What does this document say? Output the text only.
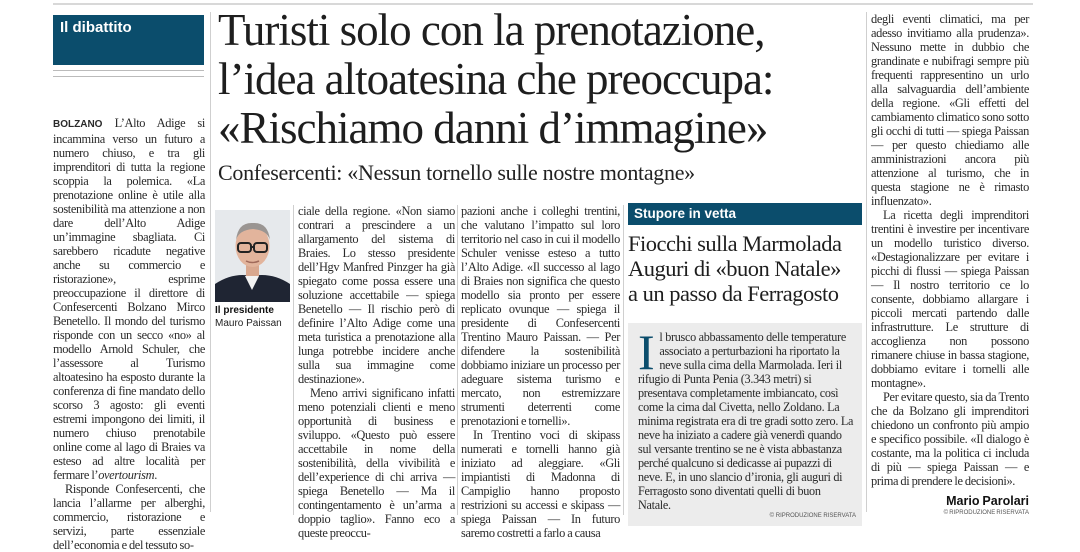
Il dibattito	Turisti solo con la prenotazione,
l’idea altoatesina che preoccupa:
«Rischiamo danni d’immagine»
Confesercenti: «Nessun tornello sulle nostre montagne»

BOLZANO L’Alto Adige si incammina verso un futuro a numero chiuso, e tra gli imprenditori di tutta la regione scoppia la polemica. «La prenotazione online è utile alla sostenibilità ma attenzione a non dare dell’Alto Adige un’immagine sbagliata. Ci sarebbero ricadute negative anche su commercio e ristorazione», esprime preoccupazione il direttore di Confesercenti Bolzano Mirco Benetello. Il mondo del turismo risponde con un secco «no» al modello Arnold Schuler, che l’assessore al Turismo altoatesino ha esposto durante la conferenza di fine mandato dello scorso 3 agosto: gli eventi estremi impongono dei limiti, il numero chiuso prenotabile online come al lago di Braies va esteso ad altre località per fermare l’overtourism.

Risponde Confesercenti, che lancia l’allarme per alberghi, commercio, ristorazione e servizi, parte essenziale dell’economia e del tessuto so-

Il presidente
Mauro Paissan

ciale della regione. «Non siamo contrari a prescindere a un allargamento del sistema di Braies. Lo stesso presidente dell’Hgv Manfred Pinzger ha già spiegato come possa essere una soluzione accettabile — spiega Benetello — Il rischio però di definire l’Alto Adige come una meta turistica a prenotazione alla lunga potrebbe incidere anche sulla sua immagine come destinazione».

Meno arrivi significano infatti meno potenziali clienti e meno opportunità di business e sviluppo. «Questo può essere accettabile in nome della sostenibilità, della vivibilità e dell’experience di chi arriva — spiega Benetello — Ma il contingentamento è un’arma a doppio taglio». Fanno eco a queste preoccu-

pazioni anche i colleghi trentini, che valutano l’impatto sul loro territorio nel caso in cui il modello Schuler venisse esteso a tutto l’Alto Adige. «Il successo al lago di Braies non significa che questo modello sia pronto per essere replicato ovunque — spiega il presidente di Confesercenti Trentino Mauro Paissan. — Per difendere la sostenibilità dobbiamo iniziare un processo per adeguare sistema turismo e mercato, non estremizzare strumenti deterrenti come prenotazioni e tornelli».

In Trentino voci di skipass numerati e tornelli hanno già iniziato ad aleggiare. «Gli impiantisti di Madonna di Campiglio hanno proposto restrizioni su accessi e skipass — spiega Paissan — In futuro saremo costretti a farlo a causa

Stupore in vetta
Fiocchi sulla Marmolada
Auguri di «buon Natale»
a un passo da Ferragosto
Il brusco abbassamento delle temperature associato a perturbazioni ha riportato la neve sulla cima della Marmolada. Ieri il rifugio di Punta Penia (3.343 metri) si presentava completamente imbiancato, così come la cima dal Civetta, nello Zoldano. La minima registrata era di tre gradi sotto zero. La neve ha iniziato a cadere già venerdì quando sul versante trentino se ne è vista abbastanza perché qualcuno si dedicasse ai pupazzi di neve. E, in uno slancio d’ironia, gli auguri di Ferragosto sono diventati quelli di buon Natale.
© RIPRODUZIONE RISERVATA

degli eventi climatici, ma per adesso invitiamo alla prudenza». Nessuno mette in dubbio che grandinate e nubifragi sempre più frequenti rappresentino un urlo alla salvaguardia dell’ambiente della regione. «Gli effetti del cambiamento climatico sono sotto gli occhi di tutti — spiega Paissan — per questo chiediamo alle amministrazioni ancora più attenzione al turismo, che in questa stagione ne è rimasto influenzato».

La ricetta degli imprenditori trentini è investire per incentivare un modello turistico diverso. «Destagionalizzare per evitare i picchi di flussi — spiega Paissan — Il nostro territorio ce lo consente, dobbiamo allargare i piccoli mercati partendo dalle infrastrutture. Le strutture di accoglienza non possono rimanere chiuse in bassa stagione, dobbiamo evitare i tornelli alle montagne».

Per evitare questo, sia da Trento che da Bolzano gli imprenditori chiedono un confronto più ampio e specifico possibile. «Il dialogo è costante, ma la politica ci includa di più — spiega Paissan — e prima di prendere le decisioni».

Mario Parolari
© RIPRODUZIONE RISERVATA
